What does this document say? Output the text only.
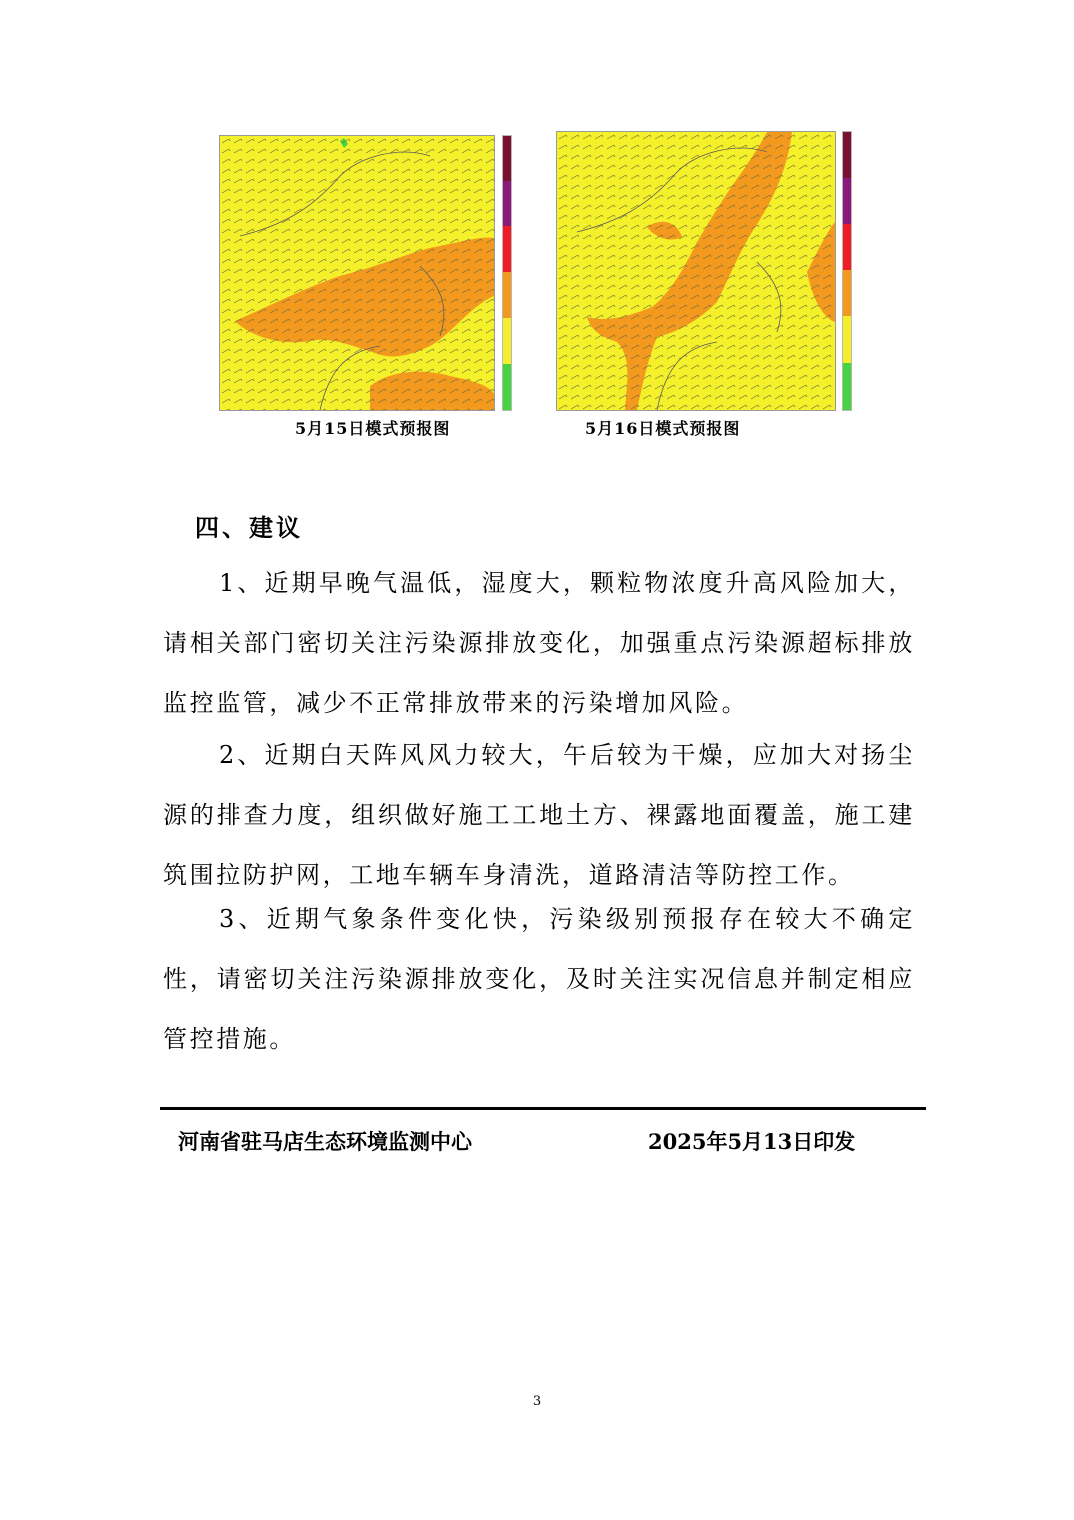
5月15日模式预报图	5月16日模式预报图
四、建议

1、近期早晚气温低，湿度大，颗粒物浓度升高风险加大，请相关部门密切关注污染源排放变化，加强重点污染源超标排放监控监管，减少不正常排放带来的污染增加风险。

2、近期白天阵风风力较大，午后较为干燥，应加大对扬尘源的排查力度，组织做好施工工地土方、裸露地面覆盖，施工建筑围拉防护网，工地车辆车身清洗，道路清洁等防控工作。

3、近期气象条件变化快，污染级别预报存在较大不确定性，请密切关注污染源排放变化，及时关注实况信息并制定相应管控措施。

河南省驻马店生态环境监测中心	2025年5月13日印发
3
